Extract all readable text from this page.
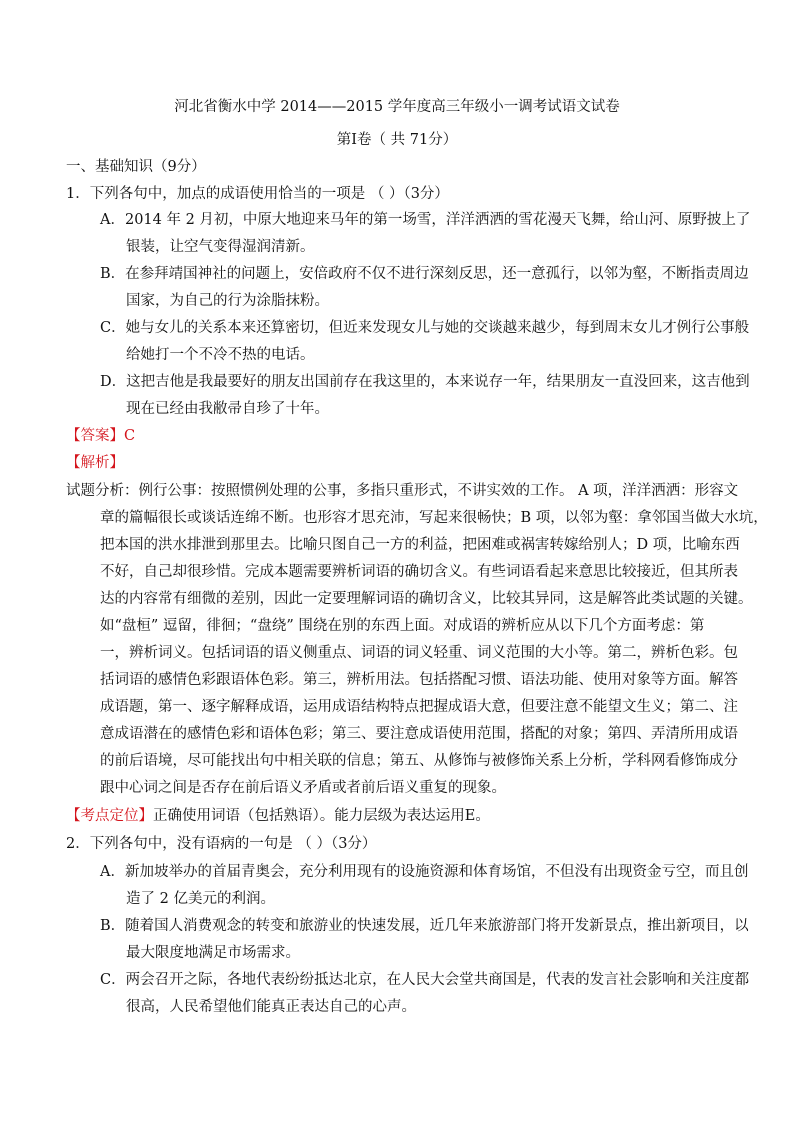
河北省衡水中学 2014——2015 学年度高三年级小一调考试语文试卷
第Ⅰ卷（ 共 71分）
一、基础知识（9分）
1．下列各句中，加点的成语使用恰当的一项是 （ ）（3分）
A．2014 年 2 月初，中原大地迎来马年的第一场雪，洋洋洒洒的雪花漫天飞舞，给山河、原野披上了
银装，让空气变得湿润清新。
B．在参拜靖国神社的问题上，安倍政府不仅不进行深刻反思，还一意孤行，以邻为壑，不断指责周边
国家，为自己的行为涂脂抹粉。
C．她与女儿的关系本来还算密切，但近来发现女儿与她的交谈越来越少，每到周末女儿才例行公事般
给她打一个不冷不热的电话。
D．这把吉他是我最要好的朋友出国前存在我这里的，本来说存一年，结果朋友一直没回来，这吉他到
现在已经由我敝帚自珍了十年。
【答案】C
【解析】
试题分析：例行公事：按照惯例处理的公事，多指只重形式，不讲实效的工作。 A 项，洋洋洒洒：形容文
章的篇幅很长或谈话连绵不断。也形容才思充沛，写起来很畅快；B 项，以邻为壑：拿邻国当做大水坑，
把本国的洪水排泄到那里去。比喻只图自己一方的利益，把困难或祸害转嫁给别人；D 项，比喻东西
不好，自己却很珍惜。完成本题需要辨析词语的确切含义。有些词语看起来意思比较接近，但其所表
达的内容常有细微的差别，因此一定要理解词语的确切含义，比较其异同，这是解答此类试题的关键。
如“盘桓” 逗留，徘徊；“盘绕” 围绕在别的东西上面。对成语的辨析应从以下几个方面考虑：第
一，辨析词义。包括词语的语义侧重点、词语的词义轻重、词义范围的大小等。第二，辨析色彩。包
括词语的感情色彩跟语体色彩。第三，辨析用法。包括搭配习惯、语法功能、使用对象等方面。解答
成语题，第一、逐字解释成语，运用成语结构特点把握成语大意，但要注意不能望文生义；第二、注
意成语潜在的感情色彩和语体色彩；第三、要注意成语使用范围，搭配的对象；第四、弄清所用成语
的前后语境，尽可能找出句中相关联的信息；第五、从修饰与被修饰关系上分析，学科网看修饰成分
跟中心词之间是否存在前后语义矛盾或者前后语义重复的现象。
【考点定位】正确使用词语（包括熟语）。能力层级为表达运用E。
2．下列各句中，没有语病的一句是 （ ）（3分）
A．新加坡举办的首届青奥会，充分利用现有的设施资源和体育场馆，不但没有出现资金亏空，而且创
造了 2 亿美元的利润。
B．随着国人消费观念的转变和旅游业的快速发展，近几年来旅游部门将开发新景点，推出新项目，以
最大限度地满足市场需求。
C．两会召开之际，各地代表纷纷抵达北京，在人民大会堂共商国是，代表的发言社会影响和关注度都
很高，人民希望他们能真正表达自己的心声。
